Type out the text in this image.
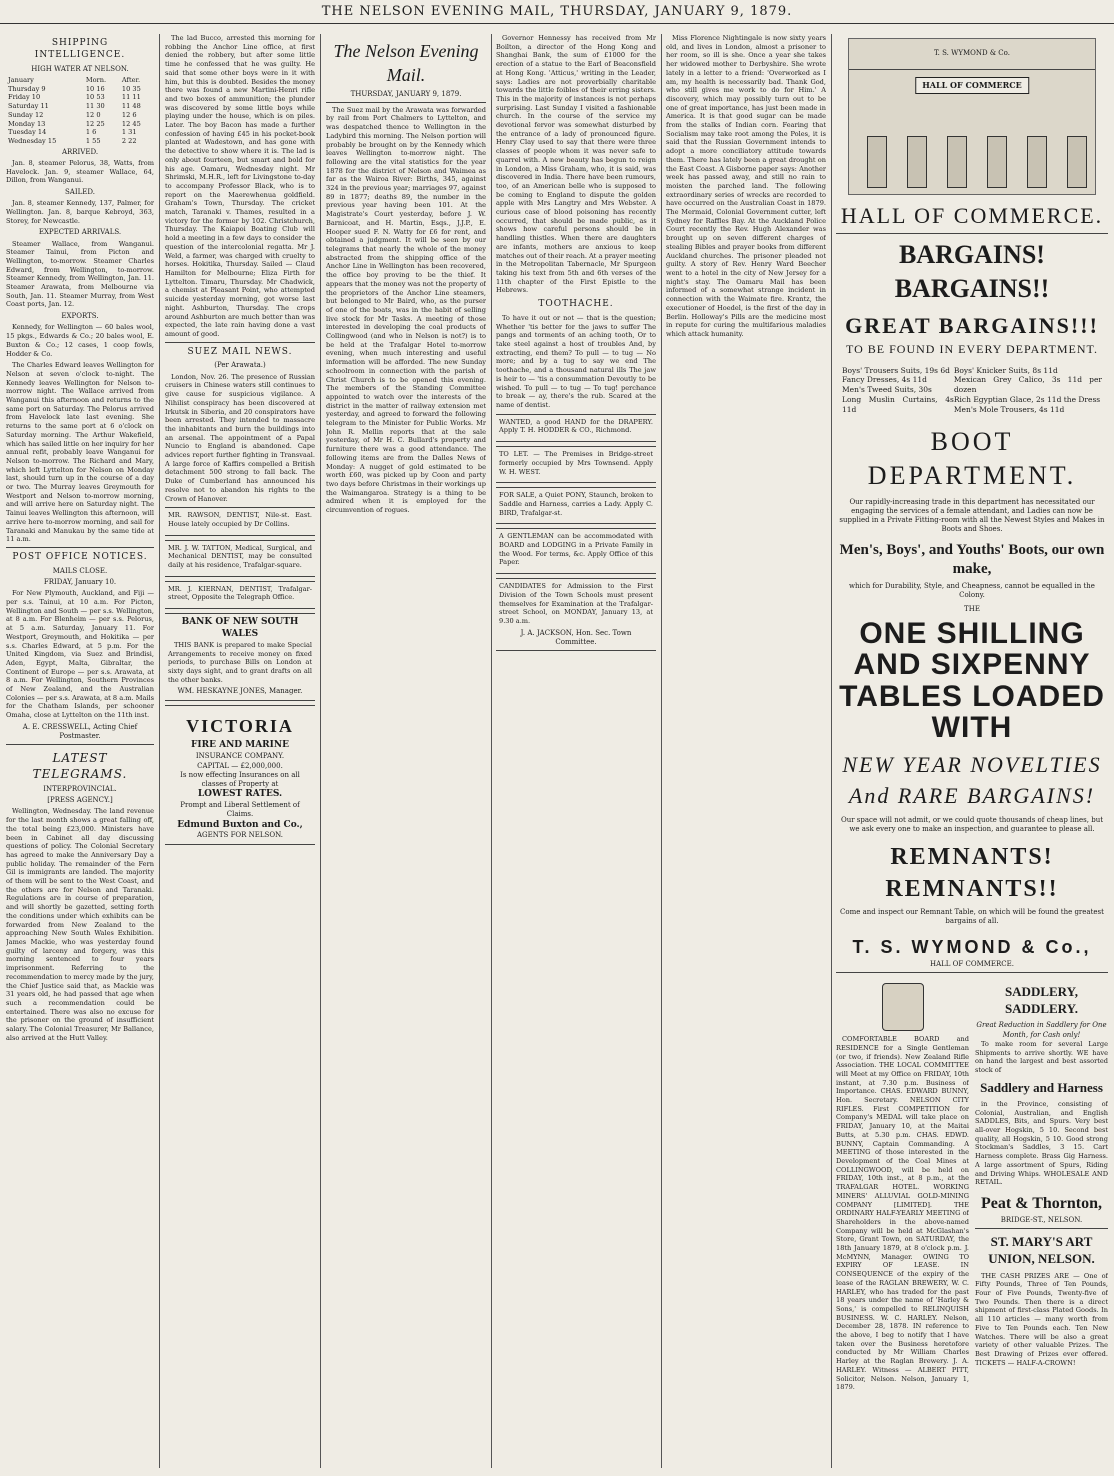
THE NELSON EVENING MAIL, THURSDAY, JANUARY 9, 1879.
SHIPPING INTELLIGENCE.
HIGH WATER AT NELSON.
January	Morn.	After.
Thursday 9	10 16	10 35
Friday 10	10 53	11 11
Saturday 11	11 30	11 48
Sunday 12	12 0	12 6
Monday 13	12 25	12 45
Tuesday 14	1 6	1 31
Wednesday 15	1 55	2 22
ARRIVED.

Jan. 8, steamer Pelorus, 38, Watts, from Havelock. Jan. 9, steamer Wallace, 64, Dillon, from Wanganui.

SAILED.

Jan. 8, steamer Kennedy, 137, Palmer, for Wellington. Jan. 8, barque Kebroyd, 363, Storey, for Newcastle.

EXPECTED ARRIVALS.

Steamer Wallace, from Wanganui. Steamer Tainui, from Picton and Wellington, to-morrow. Steamer Charles Edward, from Wellington, to-morrow. Steamer Kennedy, from Wellington, Jan. 11. Steamer Arawata, from Melbourne via South, Jan. 11. Steamer Murray, from West Coast ports, Jan. 12.

EXPORTS.

Kennedy, for Wellington — 60 bales wool, 15 pkgs., Edwards & Co.; 20 bales wool, E. Buxton & Co.; 12 cases, 1 coop fowls, Hodder & Co.

The Charles Edward leaves Wellington for Nelson at seven o'clock to-night. The Kennedy leaves Wellington for Nelson to-morrow night. The Wallace arrived from Wanganui this afternoon and returns to the same port on Saturday. The Pelorus arrived from Havelock late last evening. She returns to the same port at 6 o'clock on Saturday morning. The Arthur Wakefield, which has sailed little on her inquiry for her annual refit, probably leave Wanganui for Nelson to-morrow. The Richard and Mary, which left Lyttelton for Nelson on Monday last, should turn up in the course of a day or two. The Murray leaves Greymouth for Westport and Nelson to-morrow morning, and will arrive here on Saturday night. The Tainui leaves Wellington this afternoon, will arrive here to-morrow morning, and sail for Taranaki and Manukau by the same tide at 11 a.m.

POST OFFICE NOTICES.
MAILS CLOSE.
FRIDAY, January 10.

For New Plymouth, Auckland, and Fiji — per s.s. Tainui, at 10 a.m. For Picton, Wellington and South — per s.s. Wellington, at 8 a.m. For Blenheim — per s.s. Pelorus, at 5 a.m. Saturday, January 11. For Westport, Greymouth, and Hokitika — per s.s. Charles Edward, at 5 p.m. For the United Kingdom, via Suez and Brindisi, Aden, Egypt, Malta, Gibraltar, the Continent of Europe — per s.s. Arawata, at 8 a.m. For Wellington, Southern Provinces of New Zealand, and the Australian Colonies — per s.s. Arawata, at 8 a.m. Mails for the Chatham Islands, per schooner Omaha, close at Lyttelton on the 11th inst.

A. E. CRESSWELL, Acting Chief Postmaster.
LATEST TELEGRAMS.
INTERPROVINCIAL.
[PRESS AGENCY.]

Wellington, Wednesday. The land revenue for the last month shows a great falling off, the total being £23,000. Ministers have been in Cabinet all day discussing questions of policy. The Colonial Secretary has agreed to make the Anniversary Day a public holiday. The remainder of the Fern Gil is immigrants are landed. The majority of them will be sent to the West Coast, and the others are for Nelson and Taranaki. Regulations are in course of preparation, and will shortly be gazetted, setting forth the conditions under which exhibits can be forwarded from New Zealand to the approaching New South Wales Exhibition. James Mackie, who was yesterday found guilty of larceny and forgery, was this morning sentenced to four years imprisonment. Referring to the recommendation to mercy made by the jury, the Chief Justice said that, as Mackie was 31 years old, he had passed that age when such a recommendation could be entertained. There was also no excuse for the prisoner on the ground of insufficient salary. The Colonial Treasurer, Mr Ballance, also arrived at the Hutt Valley.

The lad Bucco, arrested this morning for robbing the Anchor Line office, at first denied the robbery, but after some little time he confessed that he was guilty. He said that some other boys were in it with him, but this is doubted. Besides the money there was found a new Martini-Henri rifle and two boxes of ammunition; the plunder was discovered by some little boys while playing under the house, which is on piles. Later. The boy Bacon has made a further confession of having £45 in his pocket-book planted at Wadestown, and has gone with the detective to show where it is. The lad is only about fourteen, but smart and bold for his age. Oamaru, Wednesday night. Mr Shrimski, M.H.R., left for Livingstone to-day to accompany Professor Black, who is to report on the Maerewhenua goldfield. Graham's Town, Thursday. The cricket match, Taranaki v. Thames, resulted in a victory for the former by 102. Christchurch, Thursday. The Kaiapoi Boating Club will hold a meeting in a few days to consider the question of the intercolonial regatta. Mr J. Weld, a farmer, was charged with cruelty to horses. Hokitika, Thursday. Sailed — Claud Hamilton for Melbourne; Eliza Firth for Lyttelton. Timaru, Thursday. Mr Chadwick, a chemist at Pleasant Point, who attempted suicide yesterday morning, got worse last night. Ashburton, Thursday. The crops around Ashburton are much better than was expected, the late rain having done a vast amount of good.

SUEZ MAIL NEWS.
(Per Arawata.)

London, Nov. 26. The presence of Russian cruisers in Chinese waters still continues to give cause for suspicious vigilance. A Nihilist conspiracy has been discovered at Irkutsk in Siberia, and 20 conspirators have been arrested. They intended to massacre the inhabitants and burn the buildings into an arsenal. The appointment of a Papal Nuncio to England is abandoned. Cape advices report further fighting in Transvaal. A large force of Kaffirs compelled a British detachment 500 strong to fall back. The Duke of Cumberland has announced his resolve not to abandon his rights to the Crown of Hanover.

MR. RAWSON, DENTIST, Nile-st. East. House lately occupied by Dr Collins.

MR. J. W. TATTON, Medical, Surgical, and Mechanical DENTIST, may be consulted daily at his residence, Trafalgar-square.

MR. J. KIERNAN, DENTIST, Trafalgar-street, Opposite the Telegraph Office.

BANK OF NEW SOUTH WALES

THIS BANK is prepared to make Special Arrangements to receive money on fixed periods, to purchase Bills on London at sixty days sight, and to grant drafts on all the other banks.

WM. HESKAYNE JONES, Manager.
VICTORIA
FIRE AND MARINE
INSURANCE COMPANY.
CAPITAL — £2,000,000.
Is now effecting Insurances on all classes of Property at
LOWEST RATES.
Prompt and Liberal Settlement of Claims.
Edmund Buxton and Co.,
AGENTS FOR NELSON.
The Nelson Evening Mail.
THURSDAY, JANUARY 9, 1879.

The Suez mail by the Arawata was forwarded by rail from Port Chalmers to Lyttelton, and was despatched thence to Wellington in the Ladybird this morning. The Nelson portion will probably be brought on by the Kennedy which leaves Wellington to-morrow night. The following are the vital statistics for the year 1878 for the district of Nelson and Waimea as far as the Wairoa River: Births, 345, against 324 in the previous year; marriages 97, against 89 in 1877; deaths 89, the number in the previous year having been 101. At the Magistrate's Court yesterday, before J. W. Barnicoat, and H. Martin, Esqs., J.J.P., E. Hooper sued F. N. Watty for £6 for rent, and obtained a judgment. It will be seen by our telegrams that nearly the whole of the money abstracted from the shipping office of the Anchor Line in Wellington has been recovered, the office boy proving to be the thief. It appears that the money was not the property of the proprietors of the Anchor Line steamers, but belonged to Mr Baird, who, as the purser of one of the boats, was in the habit of selling live stock for Mr Tasks. A meeting of those interested in developing the coal products of Collingwood (and who in Nelson is not?) is to be held at the Trafalgar Hotel to-morrow evening, when much interesting and useful information will be afforded. The new Sunday schoolroom in connection with the parish of Christ Church is to be opened this evening. The members of the Standing Committee appointed to watch over the interests of the district in the matter of railway extension met yesterday, and agreed to forward the following telegram to the Minister for Public Works. Mr John R. Mellin reports that at the sale yesterday, of Mr H. C. Bullard's property and furniture there was a good attendance. The following items are from the Dalles News of Monday: A nugget of gold estimated to be worth £60, was picked up by Coon and party two days before Christmas in their workings up the Waimangaroa. Strategy is a thing to be admired when it is employed for the circumvention of rogues.

Governor Hennessy has received from Mr Boilton, a director of the Hong Kong and Shanghai Bank, the sum of £1000 for the erection of a statue to the Earl of Beaconsfield at Hong Kong. 'Atticus,' writing in the Leader, says: Ladies are not proverbially charitable towards the little foibles of their erring sisters. This in the majority of instances is not perhaps surprising. Last Sunday I visited a fashionable church. In the course of the service my devotional fervor was somewhat disturbed by the entrance of a lady of pronounced figure. Henry Clay used to say that there were three classes of people whom it was never safe to quarrel with. A new beauty has begun to reign in London, a Miss Graham, who, it is said, was discovered in India. There have been rumours, too, of an American belle who is supposed to be coming to England to dispute the golden apple with Mrs Langtry and Mrs Webster. A curious case of blood poisoning has recently occurred, that should be made public, as it shows how careful persons should be in handling thistles. When there are daughters are infants, mothers are anxious to keep matches out of their reach. At a prayer meeting in the Metropolitan Tabernacle, Mr Spurgeon taking his text from 5th and 6th verses of the 11th chapter of the First Epistle to the Hebrews.

TOOTHACHE.

To have it out or not — that is the question; Whether 'tis better for the jaws to suffer The pangs and torments of an aching tooth, Or to take steel against a host of troubles And, by extracting, end them? To pull — to tug — No more; and by a tug to say we end The toothache, and a thousand natural ills The jaw is heir to — 'tis a consummation Devoutly to be wished. To pull — to tug — To tug! perchance to break — ay, there's the rub. Scared at the name of dentist.

WANTED, a good HAND for the DRAPERY. Apply T. H. HODDER & CO., Richmond.

TO LET. — The Premises in Bridge-street formerly occupied by Mrs Townsend. Apply W. H. WEST.

FOR SALE, a Quiet PONY, Staunch, broken to Saddle and Harness, carries a Lady. Apply C. BIRD, Trafalgar-st.

A GENTLEMAN can be accommodated with BOARD and LODGING in a Private Family in the Wood. For terms, &c. Apply Office of this Paper.

CANDIDATES for Admission to the First Division of the Town Schools must present themselves for Examination at the Trafalgar-street School, on MONDAY, January 13, at 9.30 a.m.

J. A. JACKSON, Hon. Sec. Town Committee.

Miss Florence Nightingale is now sixty years old, and lives in London, almost a prisoner to her room, so ill is she. Once a year she takes her widowed mother to Derbyshire. She wrote lately in a letter to a friend: 'Overworked as I am, my health is necessarily bad. Thank God, who still gives me work to do for Him.' A discovery, which may possibly turn out to be one of great importance, has just been made in America. It is that good sugar can be made from the stalks of Indian corn. Fearing that Socialism may take root among the Poles, it is said that the Russian Government intends to adopt a more conciliatory attitude towards them. There has lately been a great drought on the East Coast. A Gisborne paper says: Another week has passed away, and still no rain to moisten the parched land. The following extraordinary series of wrecks are recorded to have occurred on the Australian Coast in 1879. The Mermaid, Colonial Government cutter, left Sydney for Raffles Bay. At the Auckland Police Court recently the Rev. Hugh Alexander was brought up on seven different charges of stealing Bibles and prayer books from different Auckland churches. The prisoner pleaded not guilty. A story of Rev. Henry Ward Beecher went to a hotel in the city of New Jersey for a night's stay. The Oamaru Mail has been informed of a somewhat strange incident in connection with the Waimate fire. Krantz, the executioner of Hoedel, is the first of the day in Berlin. Holloway's Pills are the medicine most in repute for curing the multifarious maladies which attack humanity.

T. S. WYMOND & Co.
HALL OF COMMERCE
HALL OF COMMERCE.
BARGAINS! BARGAINS!!
GREAT BARGAINS!!!
TO BE FOUND IN EVERY DEPARTMENT.
Boys' Trousers Suits, 19s 6d
Fancy Dresses, 4s 11d
Men's Tweed Suits, 30s
Long Muslin Curtains, 4s 11d
Boys' Knicker Suits, 8s 11d
Mexican Grey Calico, 3s 11d per dozen
Rich Egyptian Glace, 2s 11d the Dress
Men's Mole Trousers, 4s 11d
BOOT DEPARTMENT.
Our rapidly-increasing trade in this department has necessitated our engaging the services of a female attendant, and Ladies can now be supplied in a Private Fitting-room with all the Newest Styles and Makes in Boots and Shoes.
Men's, Boys', and Youths' Boots, our own make,
which for Durability, Style, and Cheapness, cannot be equalled in the Colony.
THE
ONE SHILLING AND SIXPENNY TABLES LOADED WITH
NEW YEAR NOVELTIES
And RARE BARGAINS!
Our space will not admit, or we could quote thousands of cheap lines, but we ask every one to make an inspection, and guarantee to please all.
REMNANTS! REMNANTS!!
Come and inspect our Remnant Table, on which will be found the greatest bargains of all.
T. S. WYMOND & Co.,
HALL OF COMMERCE.

COMFORTABLE BOARD and RESIDENCE for a Single Gentleman (or two, if friends). New Zealand Rifle Association. THE LOCAL COMMITTEE will Meet at my Office on FRIDAY, 10th instant, at 7.30 p.m. Business of Importance. CHAS. EDWARD BUNNY, Hon. Secretary. NELSON CITY RIFLES. First COMPETITION for Company's MEDAL will take place on FRIDAY, January 10, at the Maitai Butts, at 5.30 p.m. CHAS. EDWD. BUNNY, Captain Commanding. A MEETING of those interested in the Development of the Coal Mines at COLLINGWOOD, will be held on FRIDAY, 10th inst., at 8 p.m., at the TRAFALGAR HOTEL. WORKING MINERS' ALLUVIAL GOLD-MINING COMPANY [LIMITED]. THE ORDINARY HALF-YEARLY MEETING of Shareholders in the above-named Company will be held at McGlashan's Store, Grant Town, on SATURDAY, the 18th January 1879, at 8 o'clock p.m. J. McMYNN, Manager. OWING TO EXPIRY OF LEASE. IN CONSEQUENCE of the expiry of the lease of the RAGLAN BREWERY, W. C. HARLEY, who has traded for the past 18 years under the name of 'Harley & Sons,' is compelled to RELINQUISH BUSINESS. W. C. HARLEY. Nelson, December 28, 1878. IN reference to the above, I beg to notify that I have taken over the Business heretofore conducted by Mr William Charles Harley at the Raglan Brewery. J. A. HARLEY. Witness — ALBERT PITT, Solicitor, Nelson. Nelson, January 1, 1879.

SADDLERY, SADDLERY.
Great Reduction in Saddlery for One Month, for Cash only!

To make room for several Large Shipments to arrive shortly. WE have on hand the largest and best assorted stock of

Saddlery and Harness

in the Province, consisting of Colonial, Australian, and English SADDLES, Bits, and Spurs. Very best all-over Hogskin, 5 10. Second best quality, all Hogskin, 5 10. Good strong Stockman's Saddles, 3 15. Cart Harness complete. Brass Gig Harness. A large assortment of Spurs, Riding and Driving Whips. WHOLESALE AND RETAIL.

Peat & Thornton,
BRIDGE-ST., NELSON.
ST. MARY'S ART UNION, NELSON.

THE CASH PRIZES ARE — One of Fifty Pounds, Three of Ten Pounds, Four of Five Pounds, Twenty-five of Two Pounds. Then there is a direct shipment of first-class Plated Goods. In all 110 articles — many worth from Five to Ten Pounds each. Ten New Watches. There will be also a great variety of other valuable Prizes. The Best Drawing of Prizes ever offered. TICKETS — HALF-A-CROWN!
